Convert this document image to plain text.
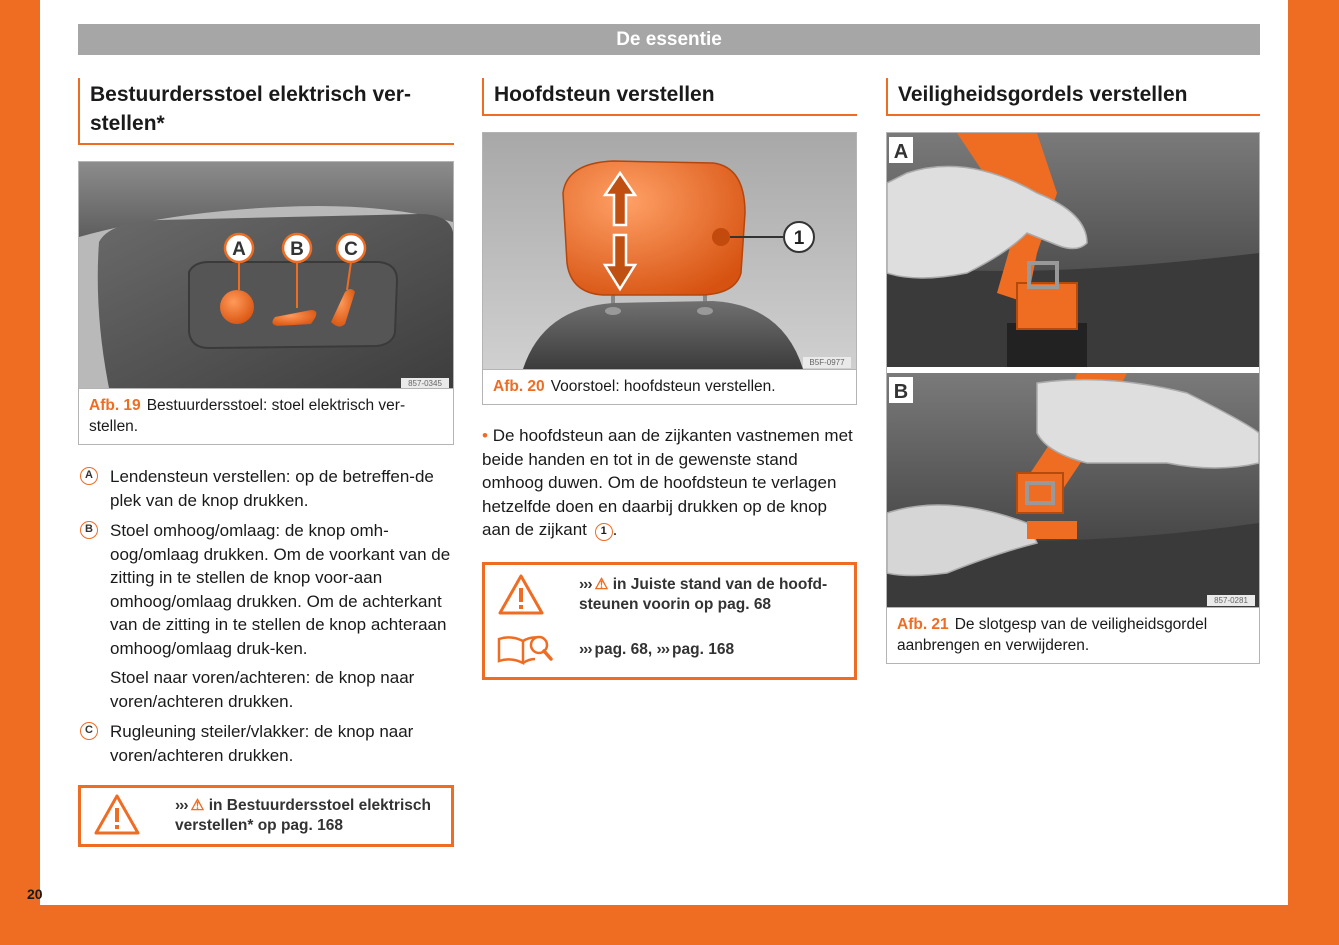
De essentie
Bestuurdersstoel elektrisch ver-
stellen*
A B C
857-0345
Afb. 19 Bestuurdersstoel: stoel elektrisch ver-stellen.
A Lendensteun verstellen: op de betreffen-de plek van de knop drukken.

B Stoel omhoog/omlaag: de knop omh-oog/omlaag drukken. Om de voorkant van de zitting in te stellen de knop voor-aan omhoog/omlaag drukken. Om de achterkant van de zitting in te stellen de knop achteraan omhoog/omlaag druk-ken.

Stoel naar voren/achteren: de knop naar voren/achteren drukken.

C Rugleuning steiler/vlakker: de knop naar voren/achteren drukken.

››› ⚠ in Bestuurdersstoel elektrisch verstellen* op pag. 168
Hoofdsteun verstellen
1
B5F-0977
Afb. 20 Voorstoel: hoofdsteun verstellen.
• De hoofdsteun aan de zijkanten vastnemen met beide handen en tot in de gewenste stand omhoog duwen. Om de hoofdsteun te verlagen hetzelfde doen en daarbij drukken op de knop aan de zijkant 1 .
››› ⚠ in Juiste stand van de hoofd-steunen voorin op pag. 68
››› pag. 68, ››› pag. 168
Veiligheidsgordels verstellen
A
B
857-0281
Afb. 21 De slotgesp van de veiligheidsgordel aanbrengen en verwijderen.
20
